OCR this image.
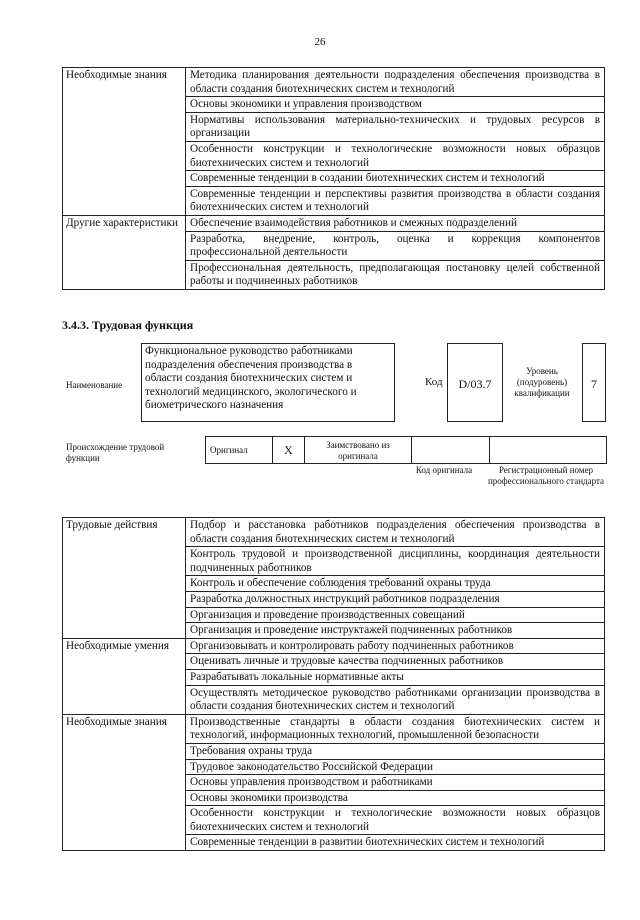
26
Необходимые знания	Методика планирования деятельности подразделения обеспечения производства в области создания биотехнических систем и технологий
	Основы экономики и управления производством
	Нормативы использования материально-технических и трудовых ресурсов в организации
	Особенности конструкции и технологические возможности новых образцов биотехнических систем и технологий
	Современные тенденции в создании биотехнических систем и технологий
	Современные тенденции и перспективы развития производства в области создания биотехнических систем и технологий
Другие характеристики	Обеспечение взаимодействия работников и смежных подразделений
	Разработка, внедрение, контроль, оценка и коррекция компонентов профессиональной деятельности
	Профессиональная деятельность, предполагающая постановку целей собственной работы и подчиненных работников
3.4.3. Трудовая функция
Наименование
Функциональное руководство работниками подразделения обеспечения производства в области создания биотехнических систем и технологий медицинского, экологического и биометрического назначения
Код	D/03.7
Уровень (подуровень) квалификации
7
Происхождение трудовой функции
Оригинал	X	Заимствовано из оригинала		
Код оригинала	Регистрационный номер профессионального стандарта
Трудовые действия	Подбор и расстановка работников подразделения обеспечения производства в области создания биотехнических систем и технологий
	Контроль трудовой и производственной дисциплины, координация деятельности подчиненных работников
	Контроль и обеспечение соблюдения требований охраны труда
	Разработка должностных инструкций работников подразделения
	Организация и проведение производственных совещаний
	Организация и проведение инструктажей подчиненных работников
Необходимые умения	Организовывать и контролировать работу подчиненных работников
	Оценивать личные и трудовые качества подчиненных работников
	Разрабатывать локальные нормативные акты
	Осуществлять методическое руководство работниками организации производства в области создания биотехнических систем и технологий
Необходимые знания	Производственные стандарты в области создания биотехнических систем и технологий, информационных технологий, промышленной безопасности
	Требования охраны труда
	Трудовое законодательство Российской Федерации
	Основы управления производством и работниками
	Основы экономики производства
	Особенности конструкции и технологические возможности новых образцов биотехнических систем и технологий
	Современные тенденции в развитии биотехнических систем и технологий
